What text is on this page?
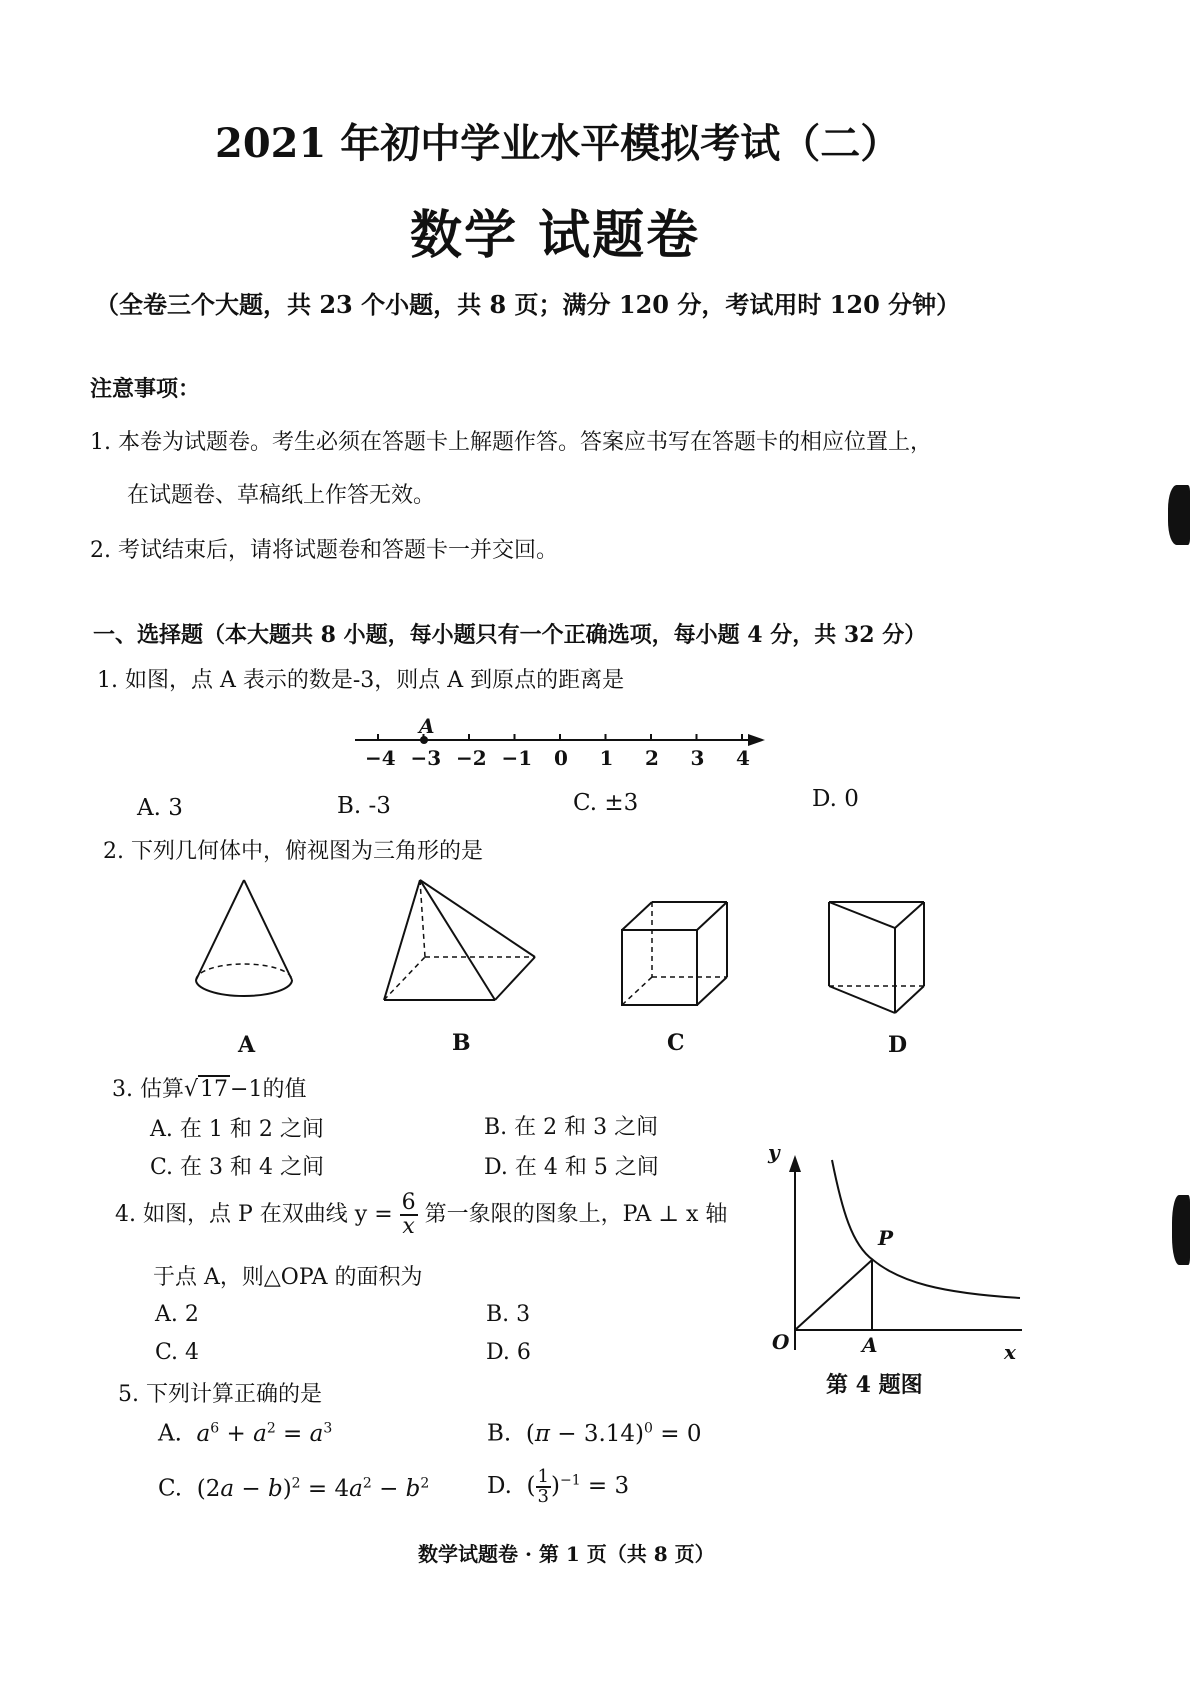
2021 年初中学业水平模拟考试（二）
数学 试题卷
（全卷三个大题，共 23 个小题，共 8 页；满分 120 分，考试用时 120 分钟）
注意事项：
1. 本卷为试题卷。考生必须在答题卡上解题作答。答案应书写在答题卡的相应位置上，
在试题卷、草稿纸上作答无效。
2. 考试结束后，请将试题卷和答题卡一并交回。
一、选择题（本大题共 8 小题，每小题只有一个正确选项，每小题 4 分，共 32 分）
1. 如图，点 A 表示的数是-3，则点 A 到原点的距离是
A
−4 −3 −2 −1 0 1 2 3 4
A. 3	B. -3	C. ±3	D. 0
2. 下列几何体中，俯视图为三角形的是
A	B	C	D
3. 估算√17−1的值
A. 在 1 和 2 之间	B. 在 2 和 3 之间
C. 在 3 和 4 之间	D. 在 4 和 5 之间
4. 如图，点 P 在双曲线 $y = \frac{6}{x}$ 第一象限的图象上，PA ⊥ x 轴
于点 A，则△OPA 的面积为
A. 2	B. 3
C. 4	D. 6
y
x
O	A
P
第 4 题图
5. 下列计算正确的是
A. $a^6 + a^2 = a^3$	B.  $(\pi - 3.14)^0 = 0$
C.  $(2a - b)^2 = 4a^2 - b^2$	D.  ( $\frac{1}{3} )^{-1} = 3$
数学试题卷 · 第 1 页（共 8 页）
